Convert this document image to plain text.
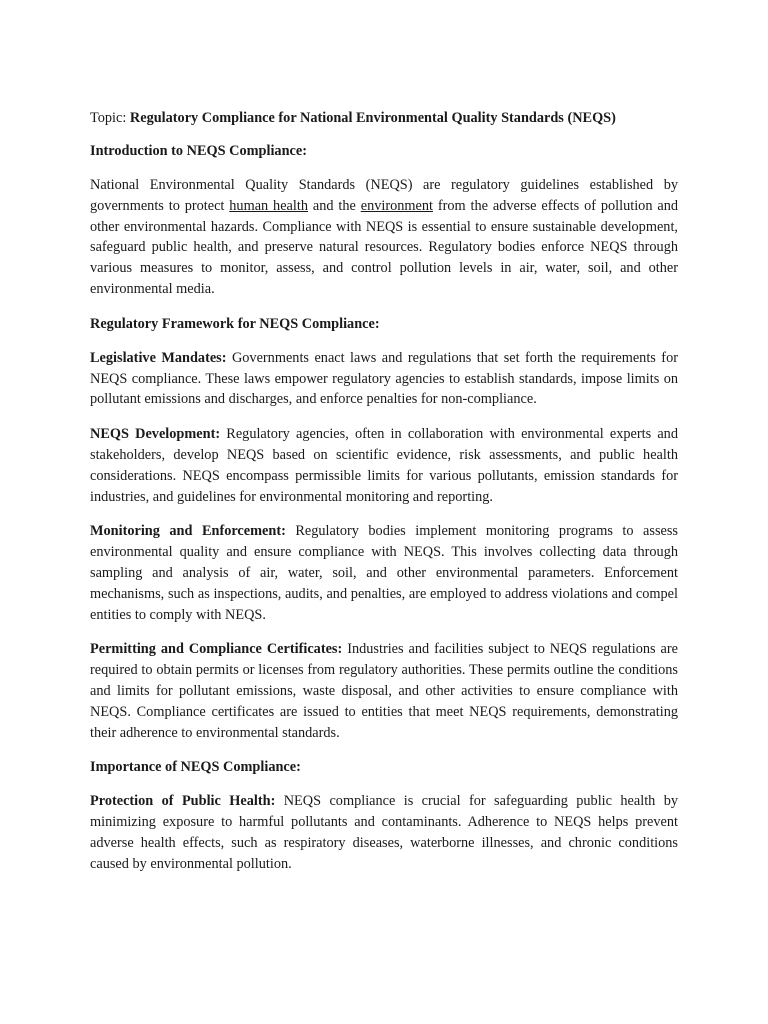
Topic: Regulatory Compliance for National Environmental Quality Standards (NEQS)

Introduction to NEQS Compliance:

National Environmental Quality Standards (NEQS) are regulatory guidelines established by governments to protect human health and the environment from the adverse effects of pollution and other environmental hazards. Compliance with NEQS is essential to ensure sustainable development, safeguard public health, and preserve natural resources. Regulatory bodies enforce NEQS through various measures to monitor, assess, and control pollution levels in air, water, soil, and other environmental media.

Regulatory Framework for NEQS Compliance:

Legislative Mandates: Governments enact laws and regulations that set forth the requirements for NEQS compliance. These laws empower regulatory agencies to establish standards, impose limits on pollutant emissions and discharges, and enforce penalties for non-compliance.

NEQS Development: Regulatory agencies, often in collaboration with environmental experts and stakeholders, develop NEQS based on scientific evidence, risk assessments, and public health considerations. NEQS encompass permissible limits for various pollutants, emission standards for industries, and guidelines for environmental monitoring and reporting.

Monitoring and Enforcement: Regulatory bodies implement monitoring programs to assess environmental quality and ensure compliance with NEQS. This involves collecting data through sampling and analysis of air, water, soil, and other environmental parameters. Enforcement mechanisms, such as inspections, audits, and penalties, are employed to address violations and compel entities to comply with NEQS.

Permitting and Compliance Certificates: Industries and facilities subject to NEQS regulations are required to obtain permits or licenses from regulatory authorities. These permits outline the conditions and limits for pollutant emissions, waste disposal, and other activities to ensure compliance with NEQS. Compliance certificates are issued to entities that meet NEQS requirements, demonstrating their adherence to environmental standards.

Importance of NEQS Compliance:

Protection of Public Health: NEQS compliance is crucial for safeguarding public health by minimizing exposure to harmful pollutants and contaminants. Adherence to NEQS helps prevent adverse health effects, such as respiratory diseases, waterborne illnesses, and chronic conditions caused by environmental pollution.
